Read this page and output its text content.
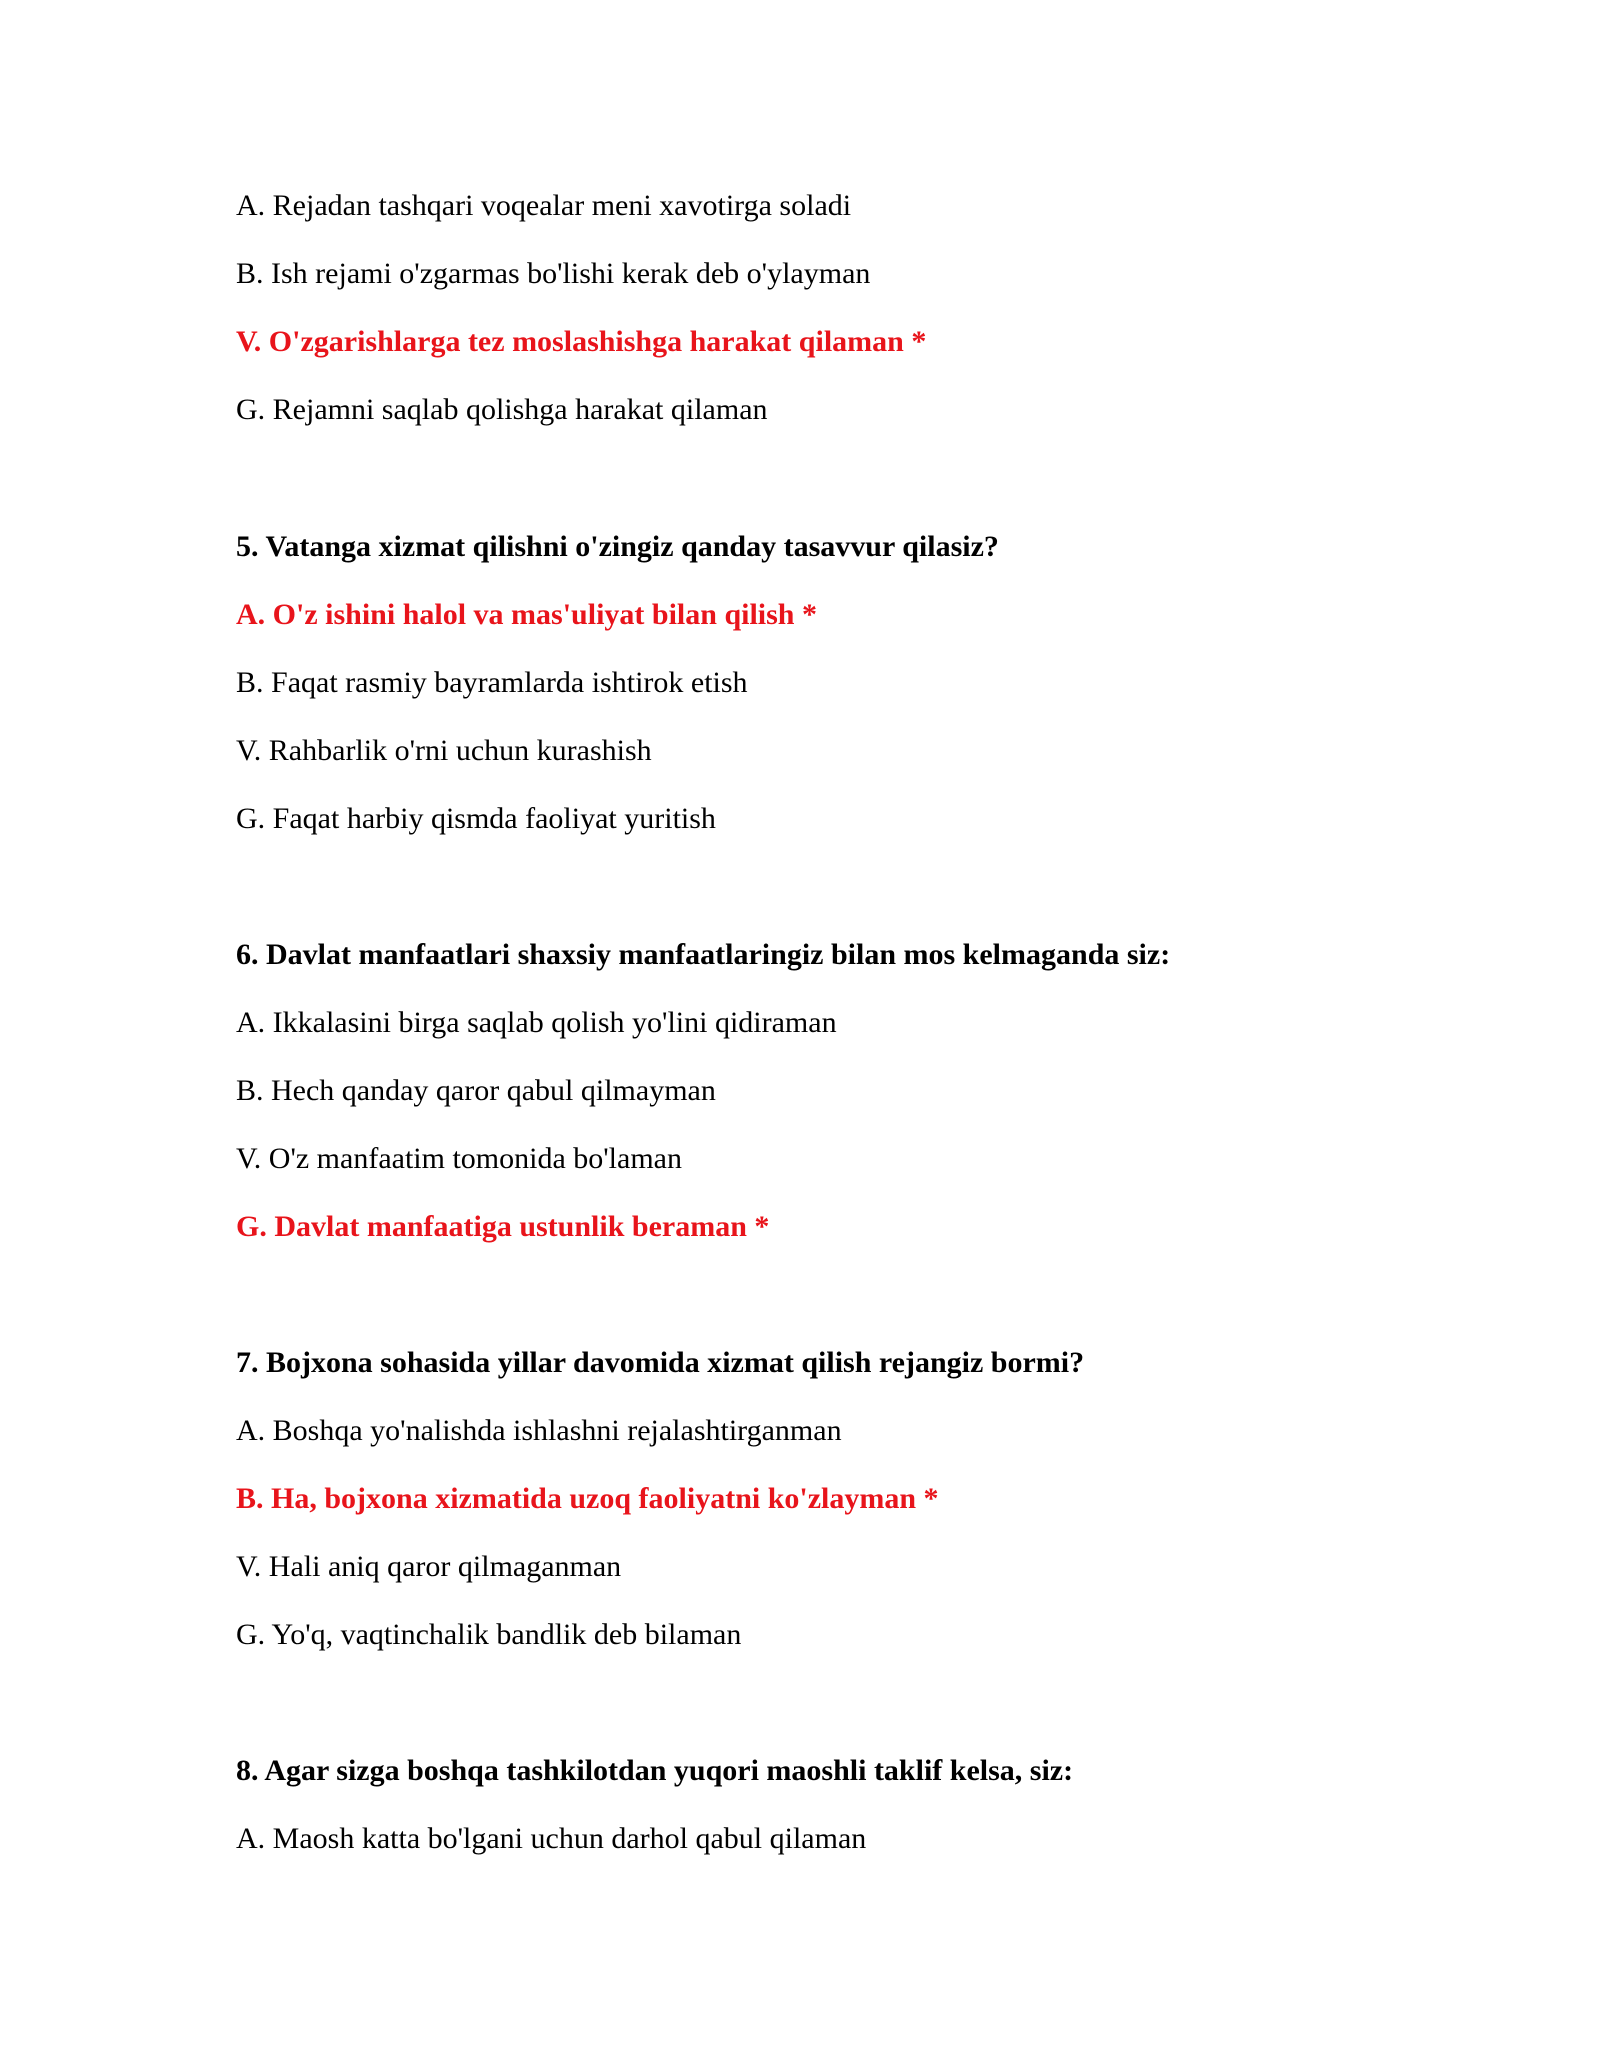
A. Rejadan tashqari voqealar meni xavotirga soladi
B. Ish rejami o'zgarmas bo'lishi kerak deb o'ylayman
V. O'zgarishlarga tez moslashishga harakat qilaman *
G. Rejamni saqlab qolishga harakat qilaman
5. Vatanga xizmat qilishni o'zingiz qanday tasavvur qilasiz?
A. O'z ishini halol va mas'uliyat bilan qilish *
B. Faqat rasmiy bayramlarda ishtirok etish
V. Rahbarlik o'rni uchun kurashish
G. Faqat harbiy qismda faoliyat yuritish
6. Davlat manfaatlari shaxsiy manfaatlaringiz bilan mos kelmaganda siz:
A. Ikkalasini birga saqlab qolish yo'lini qidiraman
B. Hech qanday qaror qabul qilmayman
V. O'z manfaatim tomonida bo'laman
G. Davlat manfaatiga ustunlik beraman *
7. Bojxona sohasida yillar davomida xizmat qilish rejangiz bormi?
A. Boshqa yo'nalishda ishlashni rejalashtirganman
B. Ha, bojxona xizmatida uzoq faoliyatni ko'zlayman *
V. Hali aniq qaror qilmaganman
G. Yo'q, vaqtinchalik bandlik deb bilaman
8. Agar sizga boshqa tashkilotdan yuqori maoshli taklif kelsa, siz:
A. Maosh katta bo'lgani uchun darhol qabul qilaman
